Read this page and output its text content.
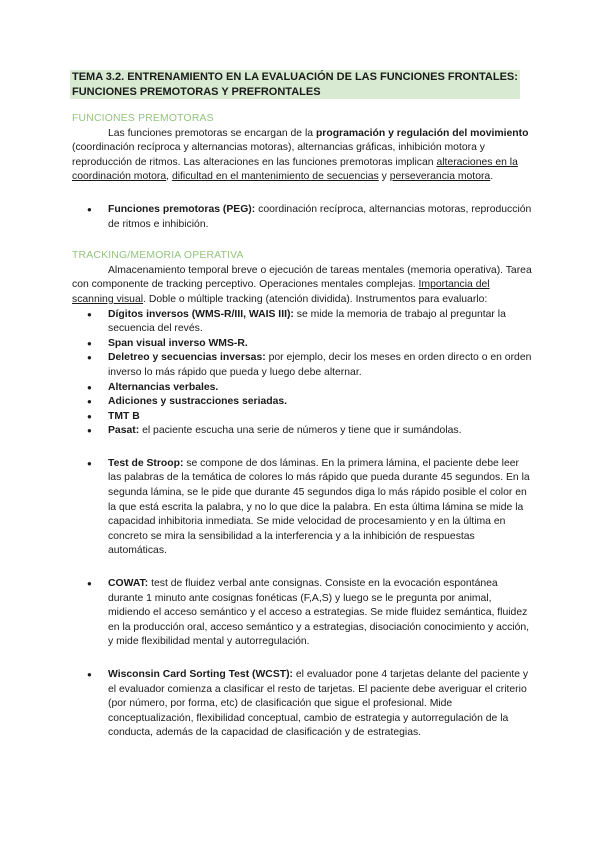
TEMA 3.2. ENTRENAMIENTO EN LA EVALUACIÓN DE LAS FUNCIONES FRONTALES:
FUNCIONES PREMOTORAS Y PREFRONTALES
FUNCIONES PREMOTORAS

Las funciones premotoras se encargan de la programación y regulación del movimiento (coordinación recíproca y alternancias motoras), alternancias gráficas, inhibición motora y reproducción de ritmos. Las alteraciones en las funciones premotoras implican alteraciones en la coordinación motora, dificultad en el mantenimiento de secuencias y perseverancia motora.

● Funciones premotoras (PEG): coordinación recíproca, alternancias motoras, reproducción de ritmos e inhibición.
TRACKING/MEMORIA OPERATIVA

Almacenamiento temporal breve o ejecución de tareas mentales (memoria operativa). Tarea con componente de tracking perceptivo. Operaciones mentales complejas. Importancia del scanning visual. Doble o múltiple tracking (atención dividida). Instrumentos para evaluarlo:

● Dígitos inversos (WMS-R/III, WAIS III): se mide la memoria de trabajo al preguntar la secuencia del revés.
● Span visual inverso WMS-R.
● Deletreo y secuencias inversas: por ejemplo, decir los meses en orden directo o en orden inverso lo más rápido que pueda y luego debe alternar.
● Alternancias verbales.
● Adiciones y sustracciones seriadas.
● TMT B
● Pasat: el paciente escucha una serie de números y tiene que ir sumándolas.
● Test de Stroop: se compone de dos láminas. En la primera lámina, el paciente debe leer las palabras de la temática de colores lo más rápido que pueda durante 45 segundos. En la segunda lámina, se le pide que durante 45 segundos diga lo más rápido posible el color en la que está escrita la palabra, y no lo que dice la palabra. En esta última lámina se mide la capacidad inhibitoria inmediata. Se mide velocidad de procesamiento y en la última en concreto se mira la sensibilidad a la interferencia y a la inhibición de respuestas automáticas.
● COWAT: test de fluidez verbal ante consignas. Consiste en la evocación espontánea durante 1 minuto ante cosignas fonéticas (F,A,S) y luego se le pregunta por animal, midiendo el acceso semántico y el acceso a estrategias. Se mide fluidez semántica, fluidez en la producción oral, acceso semántico y a estrategias, disociación conocimiento y acción, y mide flexibilidad mental y autorregulación.
● Wisconsin Card Sorting Test (WCST): el evaluador pone 4 tarjetas delante del paciente y el evaluador comienza a clasificar el resto de tarjetas. El paciente debe averiguar el criterio (por número, por forma, etc) de clasificación que sigue el profesional. Mide conceptualización, flexibilidad conceptual, cambio de estrategia y autorregulación de la conducta, además de la capacidad de clasificación y de estrategias.
